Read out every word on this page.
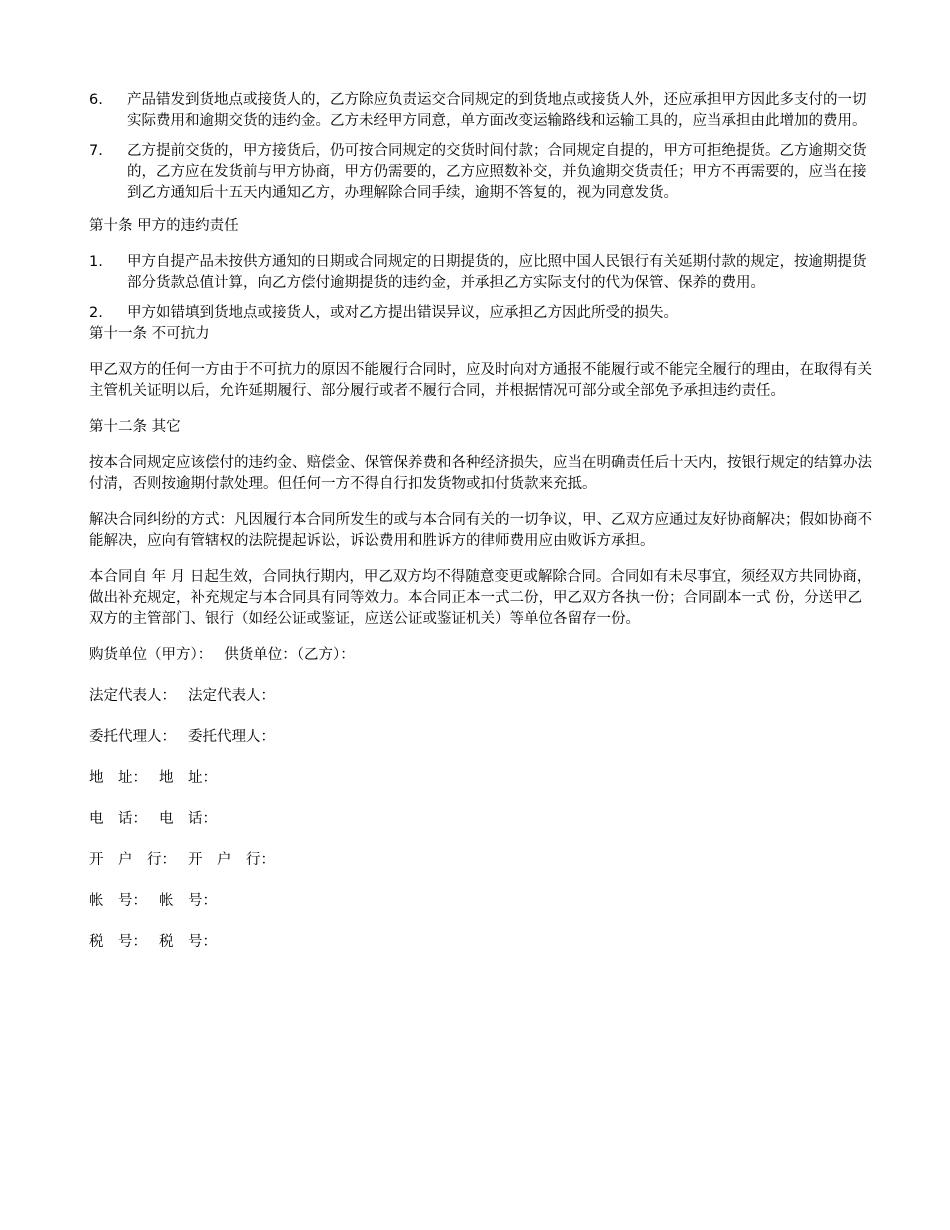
6.	产品错发到货地点或接货人的，乙方除应负责运交合同规定的到货地点或接货人外，还应承担甲方因此多支付的一切实际费用和逾期交货的违约金。乙方未经甲方同意，单方面改变运输路线和运输工具的，应当承担由此增加的费用。
7.	乙方提前交货的，甲方接货后，仍可按合同规定的交货时间付款；合同规定自提的，甲方可拒绝提货。乙方逾期交货的，乙方应在发货前与甲方协商，甲方仍需要的，乙方应照数补交，并负逾期交货责任；甲方不再需要的，应当在接到乙方通知后十五天内通知乙方，办理解除合同手续，逾期不答复的，视为同意发货。
第十条 甲方的违约责任
1.	甲方自提产品未按供方通知的日期或合同规定的日期提货的，应比照中国人民银行有关延期付款的规定，按逾期提货部分货款总值计算，向乙方偿付逾期提货的违约金，并承担乙方实际支付的代为保管、保养的费用。
2.	甲方如错填到货地点或接货人，或对乙方提出错误异议，应承担乙方因此所受的损失。
第十一条 不可抗力
甲乙双方的任何一方由于不可抗力的原因不能履行合同时，应及时向对方通报不能履行或不能完全履行的理由，在取得有关主管机关证明以后，允许延期履行、部分履行或者不履行合同，并根据情况可部分或全部免予承担违约责任。
第十二条 其它
按本合同规定应该偿付的违约金、赔偿金、保管保养费和各种经济损失，应当在明确责任后十天内，按银行规定的结算办法付清，否则按逾期付款处理。但任何一方不得自行扣发货物或扣付货款来充抵。
解决合同纠纷的方式：凡因履行本合同所发生的或与本合同有关的一切争议，甲、乙双方应通过友好协商解决；假如协商不能解决，应向有管辖权的法院提起诉讼，诉讼费用和胜诉方的律师费用应由败诉方承担。
本合同自 年 月 日起生效，合同执行期内，甲乙双方均不得随意变更或解除合同。合同如有未尽事宜，须经双方共同协商，做出补充规定，补充规定与本合同具有同等效力。本合同正本一式二份，甲乙双方各执一份；合同副本一式 份，分送甲乙双方的主管部门、银行（如经公证或鉴证，应送公证或鉴证机关）等单位各留存一份。
购货单位（甲方）： 供货单位：（乙方）：
法定代表人： 法定代表人：
委托代理人： 委托代理人：
地　址： 地　址：
电　话： 电　话：
开　户　行： 开　户　行：
帐　号： 帐　号：
税　号： 税　号：
